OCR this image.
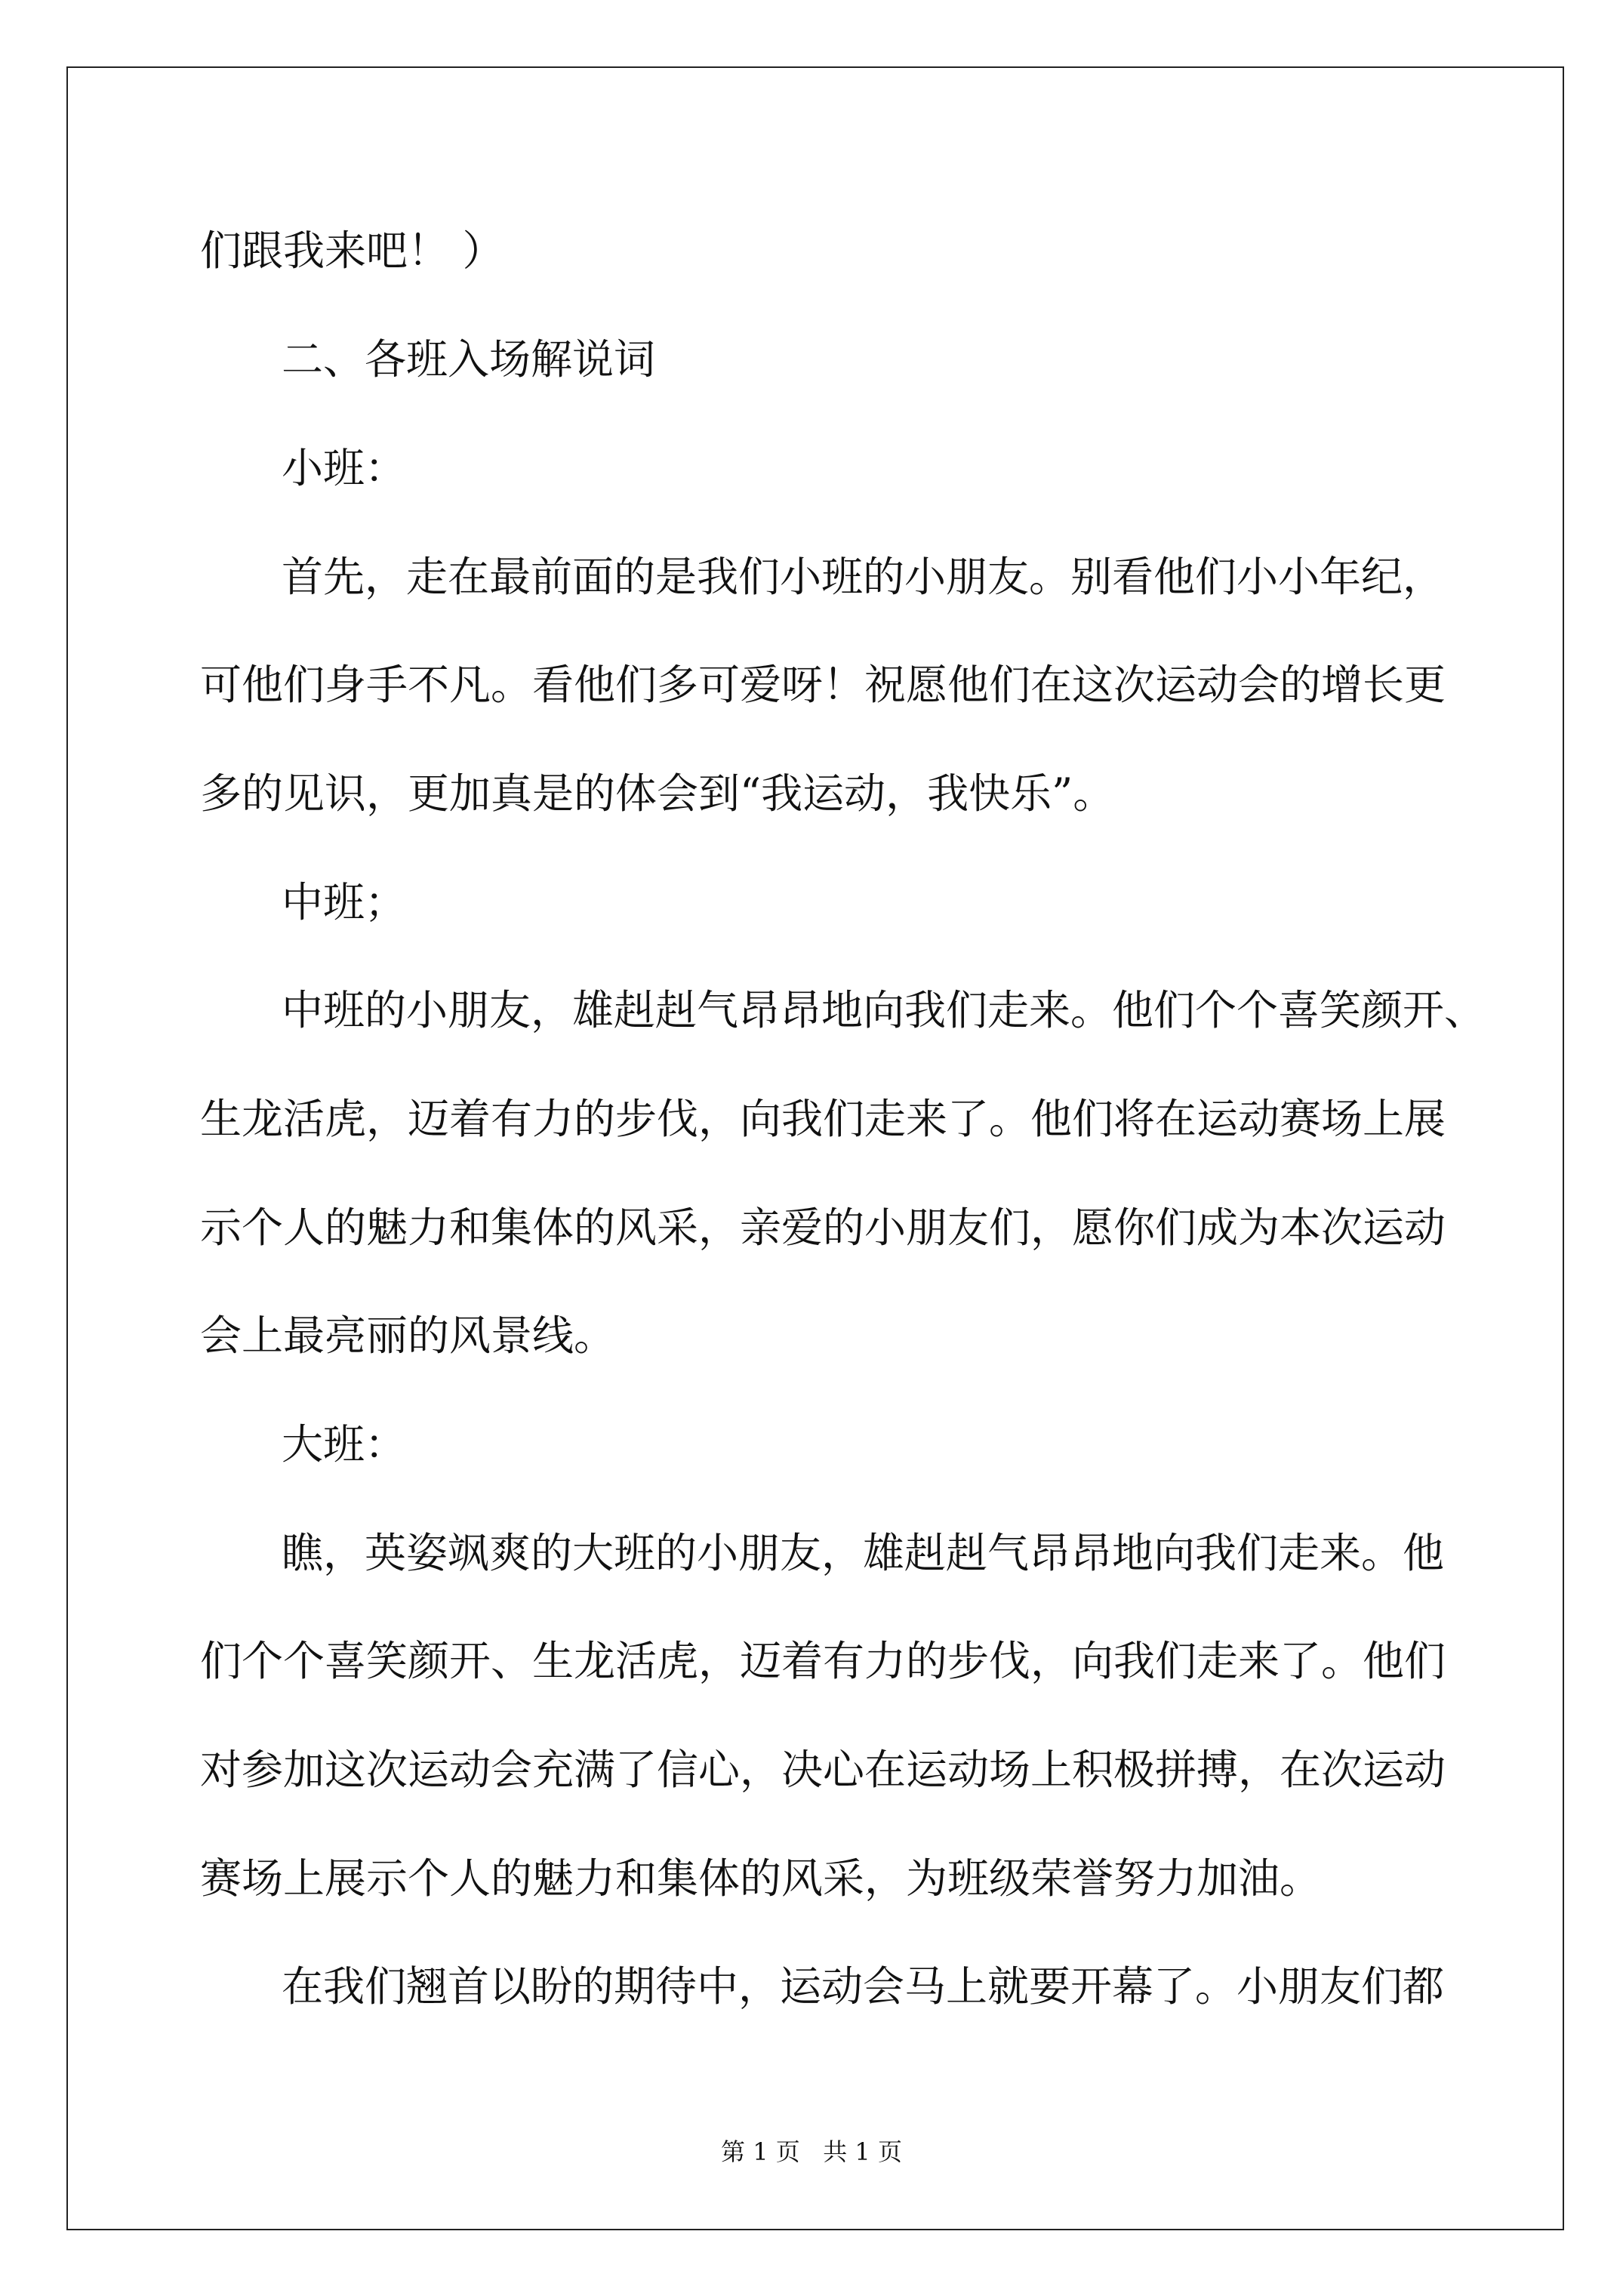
们跟我来吧！ ）
二、各班入场解说词
小班：
首先，走在最前面的是我们小班的小朋友。别看他们小小年纪，
可他们身手不凡。看他们多可爱呀！祝愿他们在这次运动会的增长更
多的见识，更加真是的体会到“我运动，我快乐”。
中班；
中班的小朋友，雄赳赳气昂昂地向我们走来。他们个个喜笑颜开、
生龙活虎，迈着有力的步伐，向我们走来了。他们将在运动赛场上展
示个人的魅力和集体的风采，亲爱的小朋友们，愿你们成为本次运动
会上最亮丽的风景线。
大班：
瞧，英姿飒爽的大班的小朋友，雄赳赳气昂昂地向我们走来。他
们个个喜笑颜开、生龙活虎，迈着有力的步伐，向我们走来了。他们
对参加这次运动会充满了信心，决心在运动场上积极拼搏，在次运动
赛场上展示个人的魅力和集体的风采，为班级荣誉努力加油。
在我们翘首以盼的期待中，运动会马上就要开幕了。小朋友们都
第 1 页   共 1 页
